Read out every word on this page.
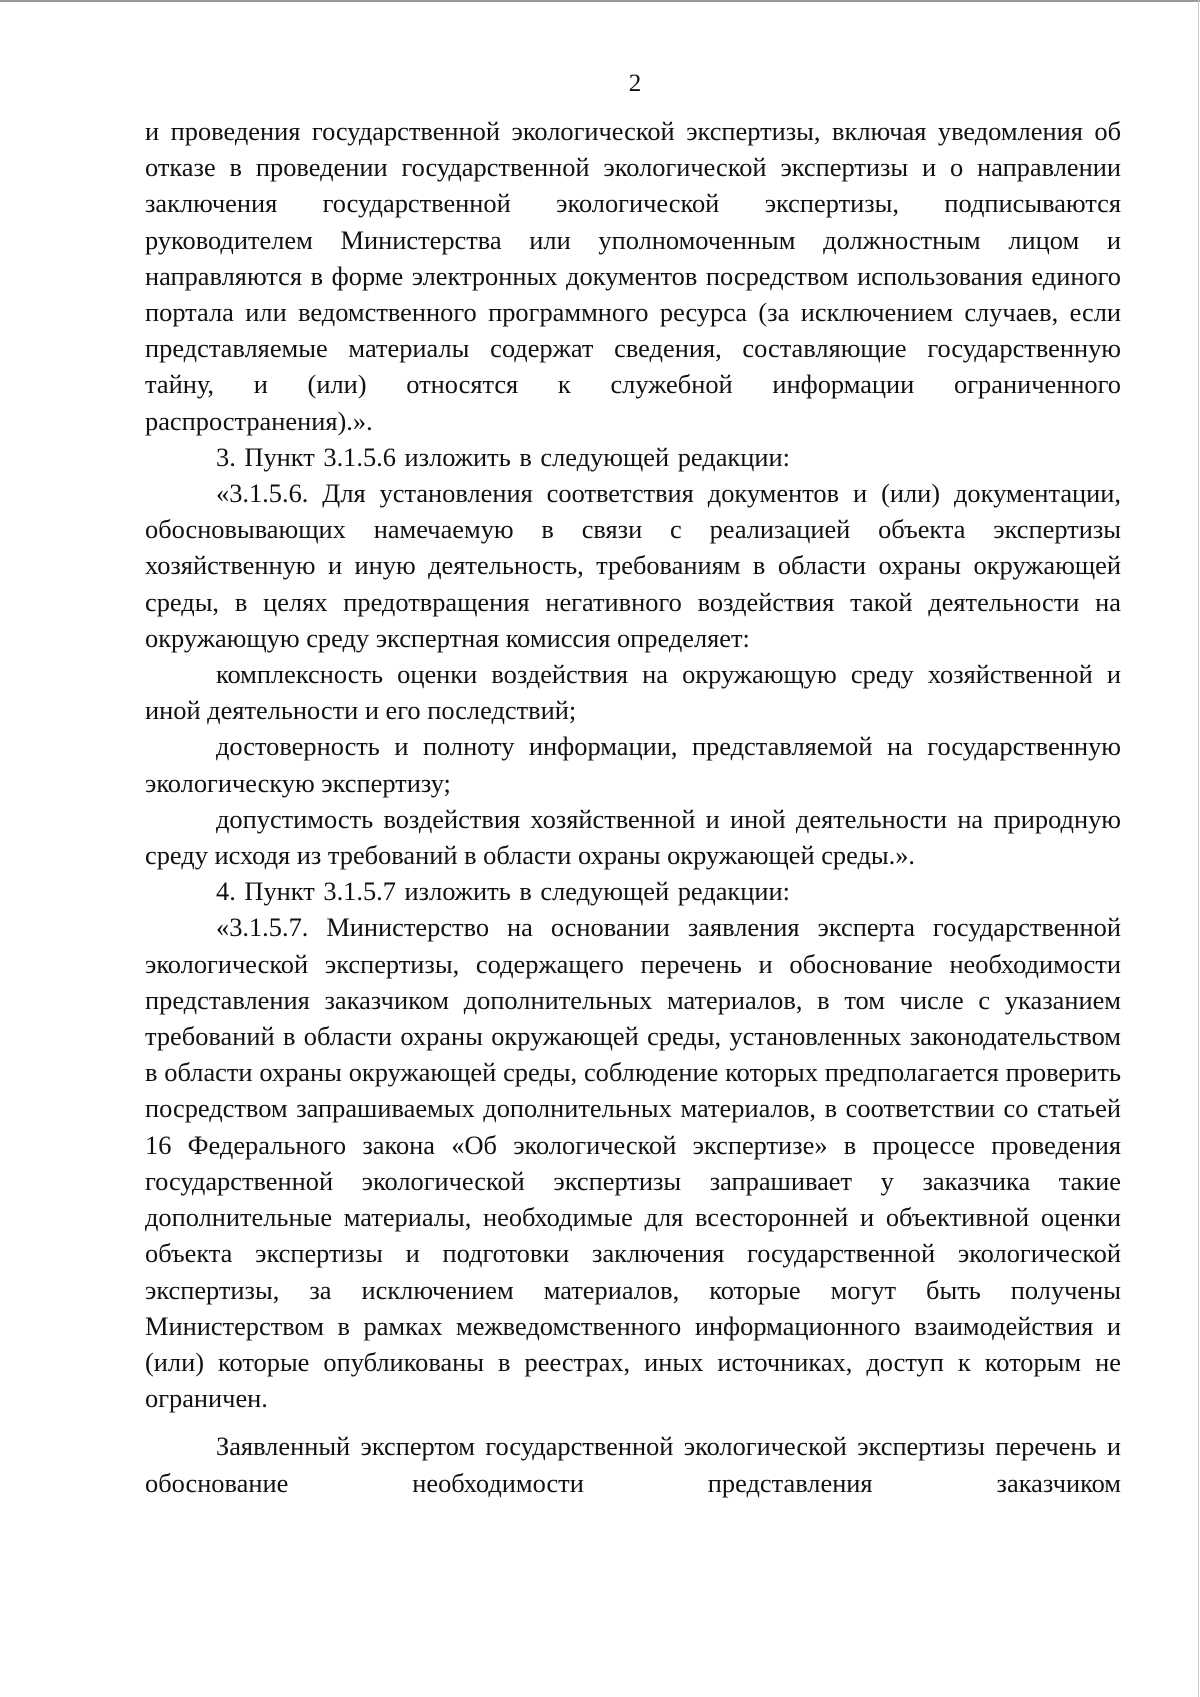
2

и проведения государственной экологической экспертизы, включая уведомления об отказе в проведении государственной экологической экспертизы и о направлении заключения государственной экологической экспертизы, подписываются руководителем Министерства или уполномоченным должностным лицом и направляются в форме электронных документов посредством использования единого портала или ведомственного программного ресурса (за исключением случаев, если представляемые материалы содержат сведения, составляющие государственную тайну, и (или) относятся к служебной информации ограниченного распространения).».

3. Пункт 3.1.5.6 изложить в следующей редакции:

«3.1.5.6. Для установления соответствия документов и (или) документации, обосновывающих намечаемую в связи с реализацией объекта экспертизы хозяйственную и иную деятельность, требованиям в области охраны окружающей среды, в целях предотвращения негативного воздействия такой деятельности на окружающую среду экспертная комиссия определяет:

комплексность оценки воздействия на окружающую среду хозяйственной и иной деятельности и его последствий;

достоверность и полноту информации, представляемой на государственную экологическую экспертизу;

допустимость воздействия хозяйственной и иной деятельности на природную среду исходя из требований в области охраны окружающей среды.».

4. Пункт 3.1.5.7 изложить в следующей редакции:

«3.1.5.7. Министерство на основании заявления эксперта государственной экологической экспертизы, содержащего перечень и обоснование необходимости представления заказчиком дополнительных материалов, в том числе с указанием требований в области охраны окружающей среды, установленных законодательством в области охраны окружающей среды, соблюдение которых предполагается проверить посредством запрашиваемых дополнительных материалов, в соответствии со статьей 16 Федерального закона «Об экологической экспертизе» в процессе проведения государственной экологической экспертизы запрашивает у заказчика такие дополнительные материалы, необходимые для всесторонней и объективной оценки объекта экспертизы и подготовки заключения государственной экологической экспертизы, за исключением материалов, которые могут быть получены Министерством в рамках межведомственного информационного взаимодействия и (или) которые опубликованы в реестрах, иных источниках, доступ к которым не ограничен.

Заявленный экспертом государственной экологической экспертизы перечень и обоснование необходимости представления заказчиком
